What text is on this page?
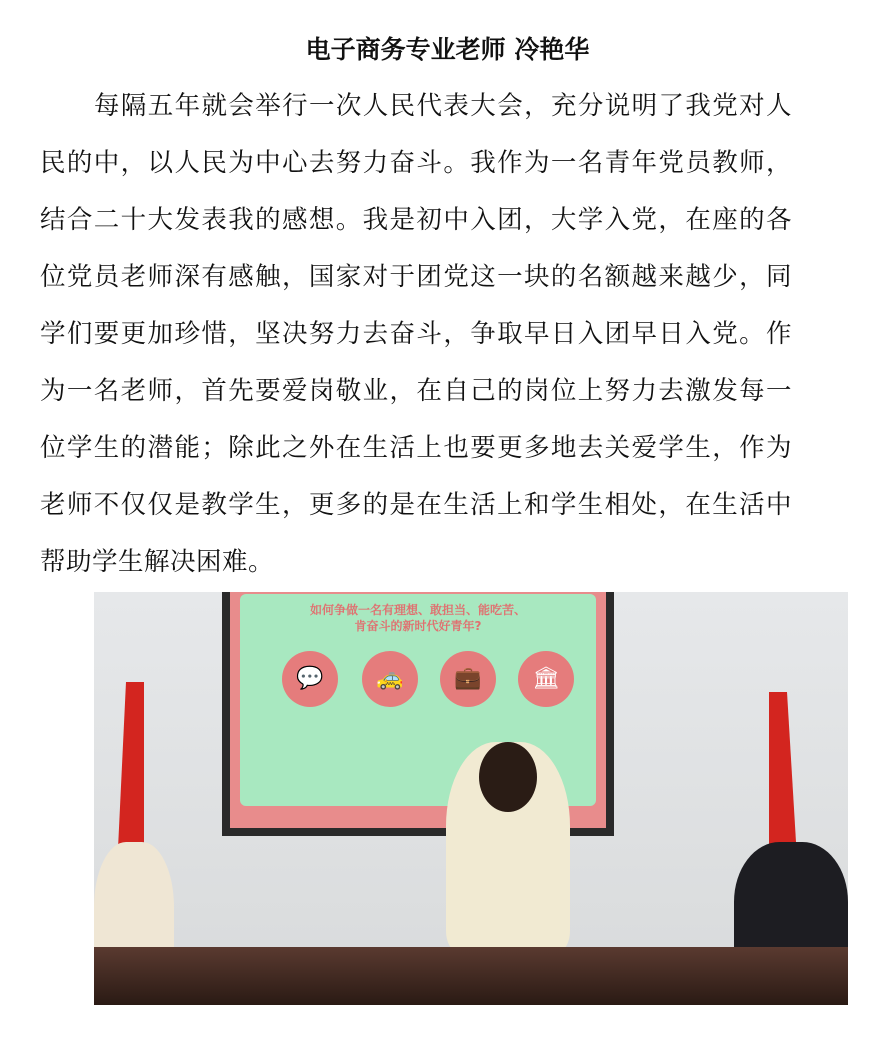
电子商务专业老师 冷艳华
每隔五年就会举行一次人民代表大会，充分说明了我党对人
民的中，以人民为中心去努力奋斗。我作为一名青年党员教师，
结合二十大发表我的感想。我是初中入团，大学入党，在座的各
位党员老师深有感触，国家对于团党这一块的名额越来越少，同
学们要更加珍惜，坚决努力去奋斗，争取早日入团早日入党。作
为一名老师，首先要爱岗敬业，在自己的岗位上努力去激发每一
位学生的潜能；除此之外在生活上也要更多地去关爱学生，作为
老师不仅仅是教学生，更多的是在生活上和学生相处，在生活中
帮助学生解决困难。
如何争做一名有理想、敢担当、能吃苦、
肯奋斗的新时代好青年?
💬	🚕	💼	🏛
